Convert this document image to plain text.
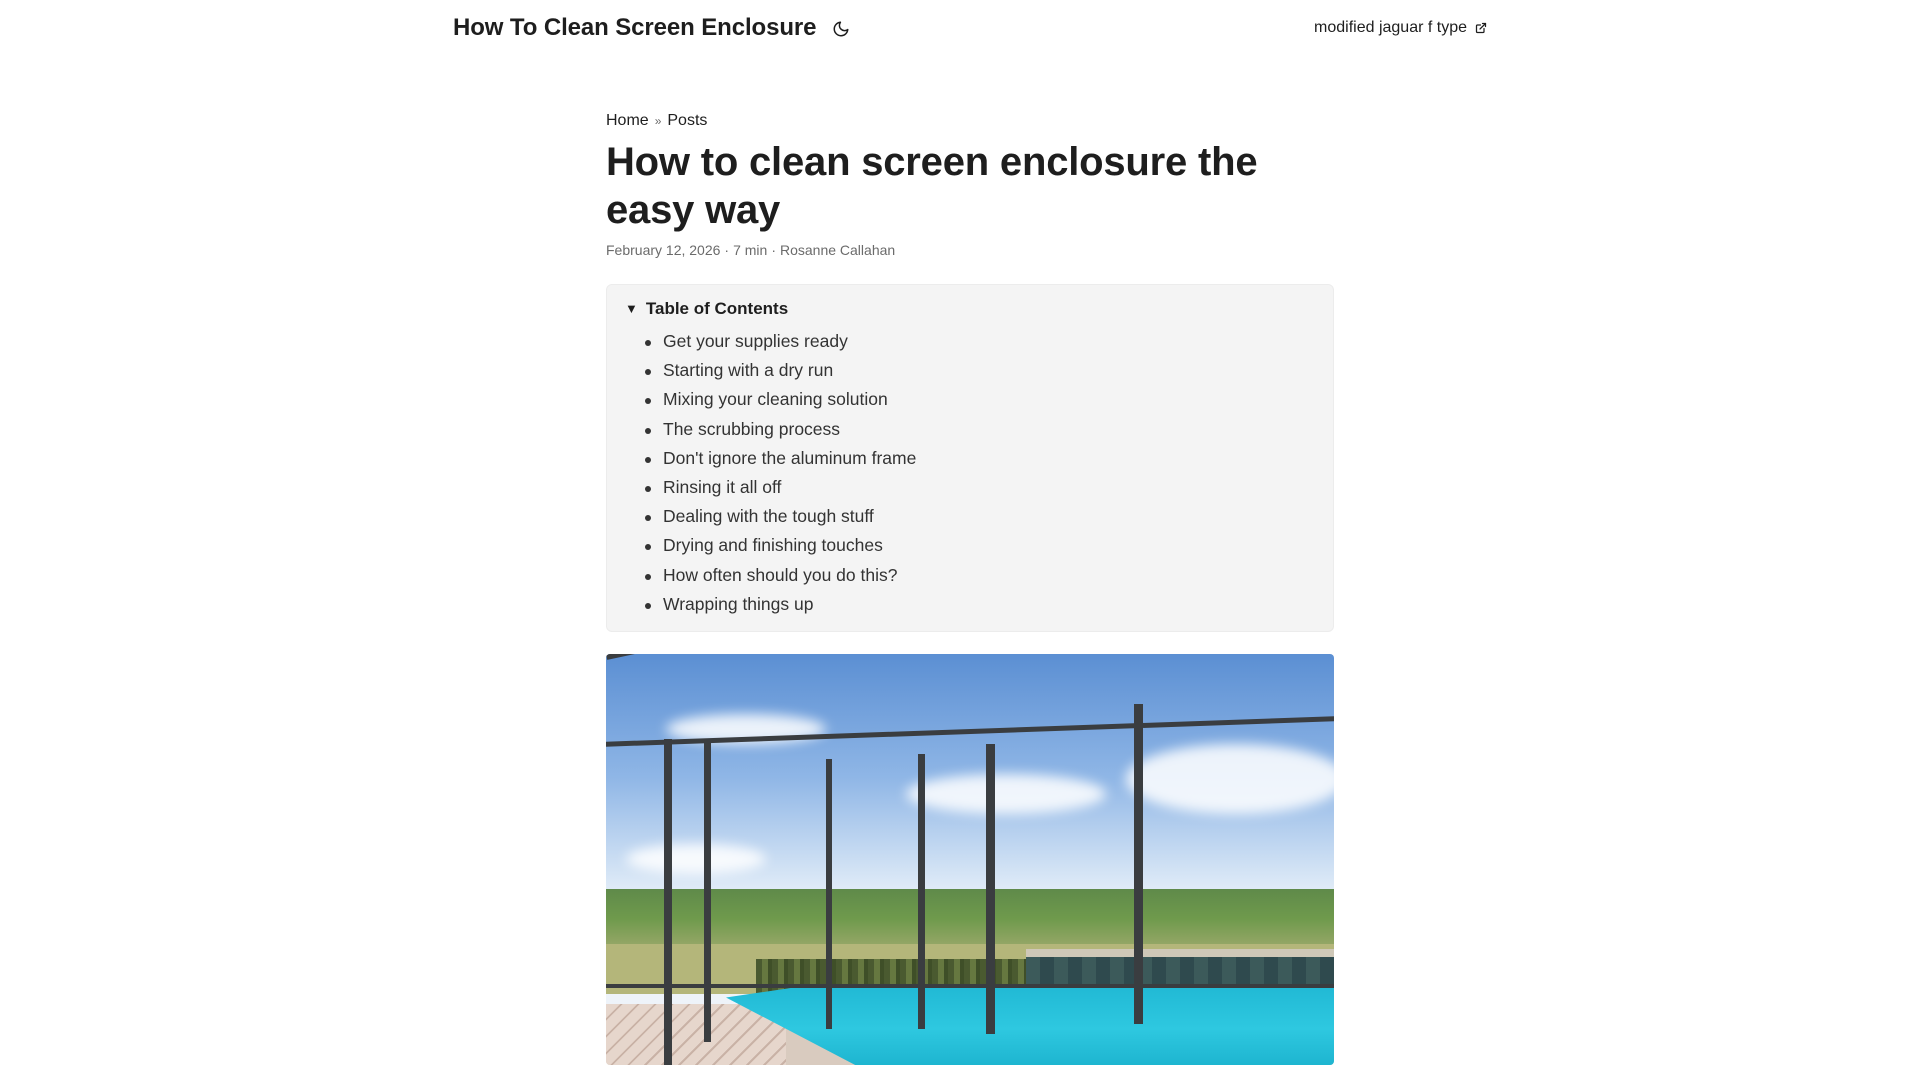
How To Clean Screen Enclosure	modified jaguar f type
Home » Posts
How to clean screen enclosure the easy way
February 12, 2026 · 7 min · Rosanne Callahan
▼ Table of Contents
Get your supplies ready
Starting with a dry run
Mixing your cleaning solution
The scrubbing process
Don't ignore the aluminum frame
Rinsing it all off
Dealing with the tough stuff
Drying and finishing touches
How often should you do this?
Wrapping things up
